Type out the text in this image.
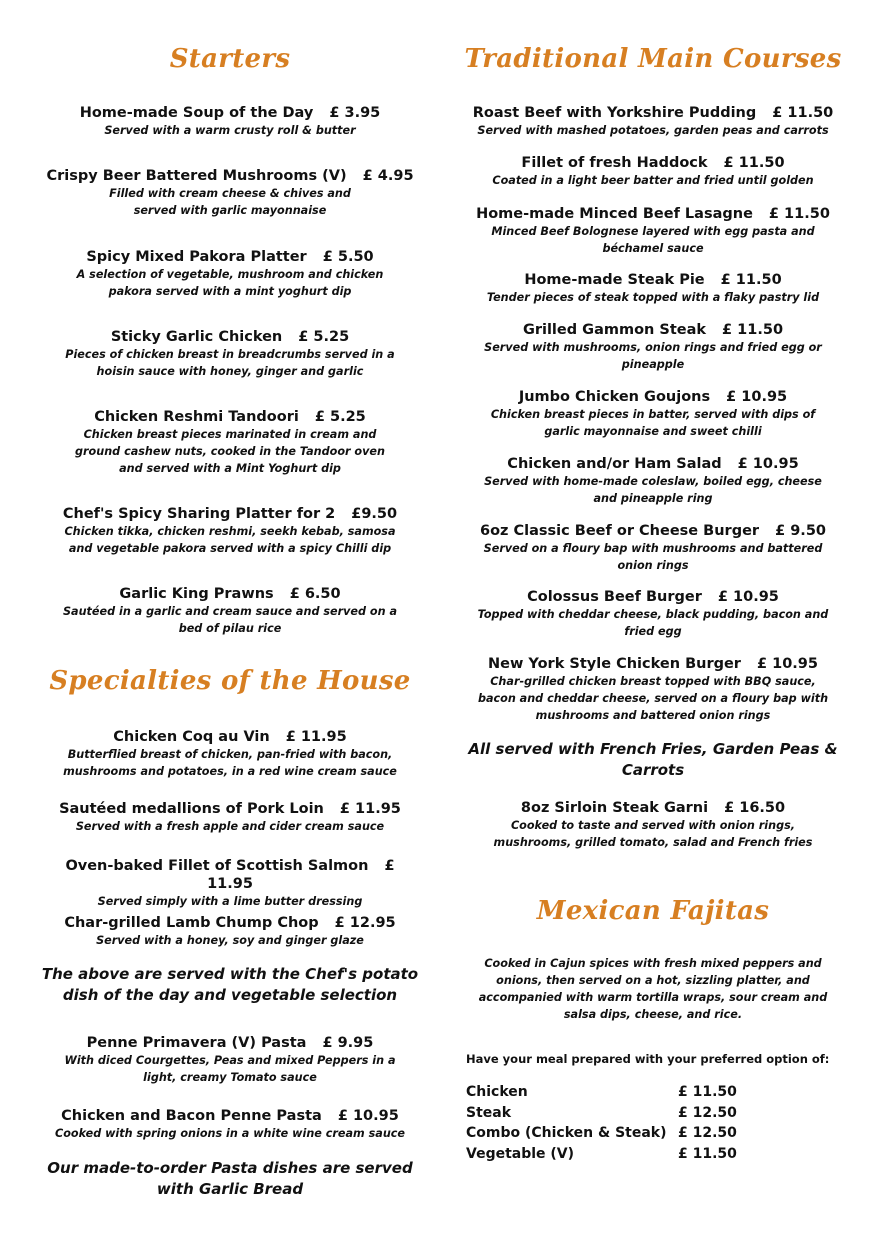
Starters
Home-made Soup of the Day £ 3.95
Served with a warm crusty roll & butter
Crispy Beer Battered Mushrooms (V) £ 4.95
Filled with cream cheese & chives and
served with garlic mayonnaise
Spicy Mixed Pakora Platter £ 5.50
A selection of vegetable, mushroom and chicken
pakora served with a mint yoghurt dip
Sticky Garlic Chicken £ 5.25
Pieces of chicken breast in breadcrumbs served in a
hoisin sauce with honey, ginger and garlic
Chicken Reshmi Tandoori £ 5.25
Chicken breast pieces marinated in cream and
ground cashew nuts, cooked in the Tandoor oven
and served with a Mint Yoghurt dip
Chef's Spicy Sharing Platter for 2 £9.50
Chicken tikka, chicken reshmi, seekh kebab, samosa
and vegetable pakora served with a spicy Chilli dip
Garlic King Prawns £ 6.50
Sautéed in a garlic and cream sauce and served on a
bed of pilau rice
Specialties of the House
Chicken Coq au Vin £ 11.95
Butterflied breast of chicken, pan-fried with bacon,
mushrooms and potatoes, in a red wine cream sauce
Sautéed medallions of Pork Loin £ 11.95
Served with a fresh apple and cider cream sauce
Oven-baked Fillet of Scottish Salmon £ 11.95
Served simply with a lime butter dressing
Char-grilled Lamb Chump Chop £ 12.95
Served with a honey, soy and ginger glaze
The above are served with the Chef's potato
dish of the day and vegetable selection
Penne Primavera (V) Pasta £ 9.95
With diced Courgettes, Peas and mixed Peppers in a
light, creamy Tomato sauce
Chicken and Bacon Penne Pasta £ 10.95
Cooked with spring onions in a white wine cream sauce
Our made-to-order Pasta dishes are served
with Garlic Bread
Traditional Main Courses
Roast Beef with Yorkshire Pudding £ 11.50
Served with mashed potatoes, garden peas and carrots
Fillet of fresh Haddock £ 11.50
Coated in a light beer batter and fried until golden
Home-made Minced Beef Lasagne £ 11.50
Minced Beef Bolognese layered with egg pasta and
béchamel sauce
Home-made Steak Pie £ 11.50
Tender pieces of steak topped with a flaky pastry lid
Grilled Gammon Steak £ 11.50
Served with mushrooms, onion rings and fried egg or
pineapple
Jumbo Chicken Goujons £ 10.95
Chicken breast pieces in batter, served with dips of
garlic mayonnaise and sweet chilli
Chicken and/or Ham Salad £ 10.95
Served with home-made coleslaw, boiled egg, cheese
and pineapple ring
6oz Classic Beef or Cheese Burger £ 9.50
Served on a floury bap with mushrooms and battered
onion rings
Colossus Beef Burger £ 10.95
Topped with cheddar cheese, black pudding, bacon and
fried egg
New York Style Chicken Burger £ 10.95
Char-grilled chicken breast topped with BBQ sauce,
bacon and cheddar cheese, served on a floury bap with
mushrooms and battered onion rings
All served with French Fries, Garden Peas &
Carrots
8oz Sirloin Steak Garni £ 16.50
Cooked to taste and served with onion rings,
mushrooms, grilled tomato, salad and French fries
Mexican Fajitas
Cooked in Cajun spices with fresh mixed peppers and
onions, then served on a hot, sizzling platter, and
accompanied with warm tortilla wraps, sour cream and
salsa dips, cheese, and rice.
Have your meal prepared with your preferred option of:
Chicken	£ 11.50
Steak	£ 12.50
Combo (Chicken & Steak) £ 12.50
Vegetable (V)	£ 11.50
